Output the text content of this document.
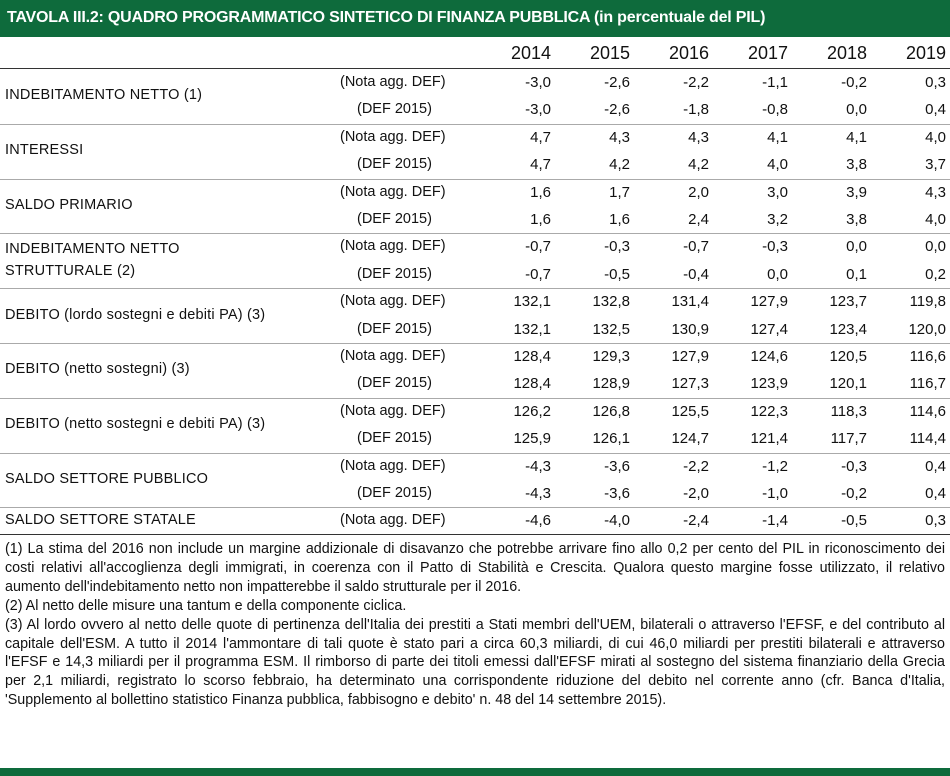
TAVOLA III.2: QUADRO PROGRAMMATICO SINTETICO DI FINANZA PUBBLICA (in percentuale del PIL)
2014	2015	2016	2017	2018	2019
INDEBITAMENTO NETTO (1)
(Nota agg. DEF)	-3,0	-2,6	-2,2	-1,1	-0,2	0,3
(DEF 2015)	-3,0	-2,6	-1,8	-0,8	0,0	0,4
INTERESSI
(Nota agg. DEF)	4,7	4,3	4,3	4,1	4,1	4,0
(DEF 2015)	4,7	4,2	4,2	4,0	3,8	3,7
SALDO PRIMARIO
(Nota agg. DEF)	1,6	1,7	2,0	3,0	3,9	4,3
(DEF 2015)	1,6	1,6	2,4	3,2	3,8	4,0
INDEBITAMENTO NETTO
STRUTTURALE (2)
(Nota agg. DEF)	-0,7	-0,3	-0,7	-0,3	0,0	0,0
(DEF 2015)	-0,7	-0,5	-0,4	0,0	0,1	0,2
DEBITO (lordo sostegni e debiti PA) (3)
(Nota agg. DEF)	132,1	132,8	131,4	127,9	123,7	119,8
(DEF 2015)	132,1	132,5	130,9	127,4	123,4	120,0
DEBITO (netto sostegni) (3)
(Nota agg. DEF)	128,4	129,3	127,9	124,6	120,5	116,6
(DEF 2015)	128,4	128,9	127,3	123,9	120,1	116,7
DEBITO (netto sostegni e debiti PA) (3)
(Nota agg. DEF)	126,2	126,8	125,5	122,3	118,3	114,6
(DEF 2015)	125,9	126,1	124,7	121,4	117,7	114,4
SALDO SETTORE PUBBLICO
(Nota agg. DEF)	-4,3	-3,6	-2,2	-1,2	-0,3	0,4
(DEF 2015)	-4,3	-3,6	-2,0	-1,0	-0,2	0,4
SALDO SETTORE STATALE	(Nota agg. DEF)	-4,6	-4,0	-2,4	-1,4	-0,5	0,3

(1) La stima del 2016 non include un margine addizionale di disavanzo che potrebbe arrivare fino allo 0,2 per cento del PIL in riconoscimento dei costi relativi all'accoglienza degli immigrati, in coerenza con il Patto di Stabilità e Crescita. Qualora questo margine fosse utilizzato, il relativo aumento dell'indebitamento netto non impatterebbe il saldo strutturale per il 2016.

(2) Al netto delle misure una tantum e della componente ciclica.

(3) Al lordo ovvero al netto delle quote di pertinenza dell'Italia dei prestiti a Stati membri dell'UEM, bilaterali o attraverso l'EFSF, e del contributo al capitale dell'ESM. A tutto il 2014 l'ammontare di tali quote è stato pari a circa 60,3 miliardi, di cui 46,0 miliardi per prestiti bilaterali e attraverso l'EFSF e 14,3 miliardi per il programma ESM. Il rimborso di parte dei titoli emessi dall'EFSF mirati al sostegno del sistema finanziario della Grecia per 2,1 miliardi, registrato lo scorso febbraio, ha determinato una corrispondente riduzione del debito nel corrente anno (cfr. Banca d'Italia, 'Supplemento al bollettino statistico Finanza pubblica, fabbisogno e debito' n. 48 del 14 settembre 2015).
